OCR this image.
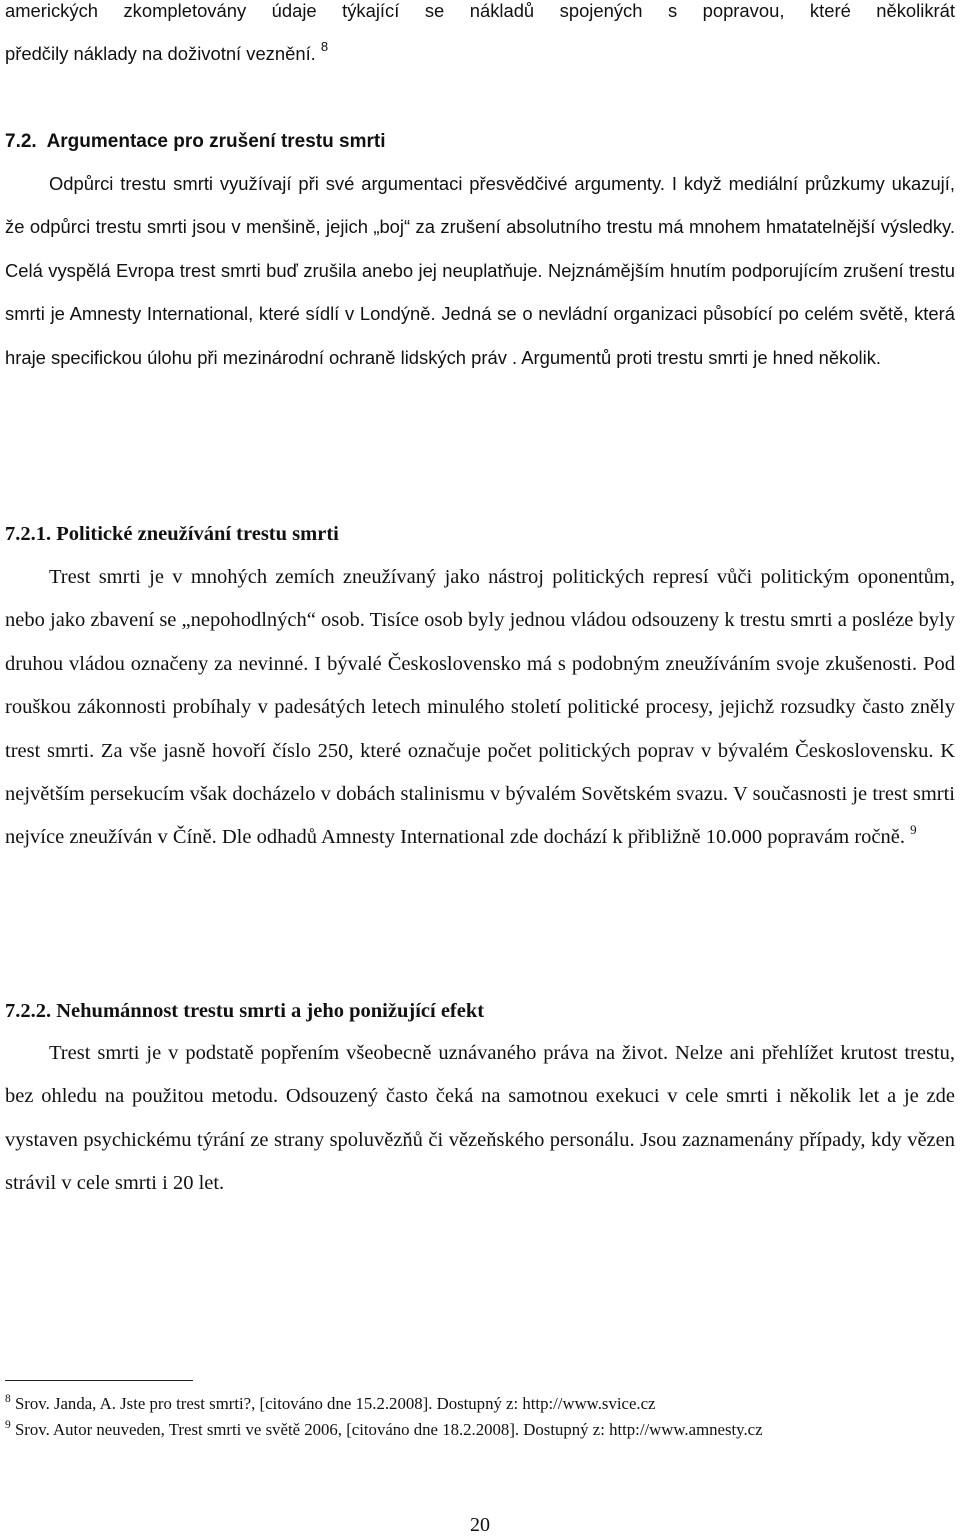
amerických zkompletovány údaje týkající se nákladů spojených s popravou, které několikrát

předčily náklady na doživotní veznění. $^8$

7.2. Argumentace pro zrušení trestu smrti

Odpůrci trestu smrti využívají při své argumentaci přesvědčivé argumenty. I když mediální průzkumy ukazují, že odpůrci trestu smrti jsou v menšině, jejich „boj“ za zrušení absolutního trestu má mnohem hmatatelnější výsledky. Celá vyspělá Evropa trest smrti buď zrušila anebo jej neuplatňuje. Nejznámějším hnutím podporujícím zrušení trestu smrti je Amnesty International, které sídlí v Londýně. Jedná se o nevládní organizaci působící po celém světě, která hraje specifickou úlohu při mezinárodní ochraně lidských práv . Argumentů proti trestu smrti je hned několik.

7.2.1. Politické zneužívání trestu smrti

Trest smrti je v mnohých zemích zneužívaný jako nástroj politických represí vůči politickým oponentům, nebo jako zbavení se „nepohodlných“ osob. Tisíce osob byly jednou vládou odsouzeny k trestu smrti a posléze byly druhou vládou označeny za nevinné. I bývalé Československo má s podobným zneužíváním svoje zkušenosti. Pod rouškou zákonnosti probíhaly v padesátých letech minulého století politické procesy, jejichž rozsudky často zněly trest smrti. Za vše jasně hovoří číslo 250, které označuje počet politických poprav v bývalém Československu. K největším persekucím však docházelo v dobách stalinismu v bývalém Sovětském svazu. V současnosti je trest smrti nejvíce zneužíván v Číně. Dle odhadů Amnesty International zde dochází k přibližně 10.000 popravám ročně. $^9$

7.2.2. Nehumánnost trestu smrti a jeho ponižující efekt

Trest smrti je v podstatě popřením všeobecně uznávaného práva na život. Nelze ani přehlížet krutost trestu, bez ohledu na použitou metodu. Odsouzený často čeká na samotnou exekuci v cele smrti i několik let a je zde vystaven psychickému týrání ze strany spoluvězňů či vězeňského personálu. Jsou zaznamenány případy, kdy vězen strávil v cele smrti i 20 let.

$^8$ Srov. Janda, A. Jste pro trest smrti?, [citováno dne 15.2.2008]. Dostupný z: http://www.svice.cz

$^9$ Srov. Autor neuveden, Trest smrti ve světě 2006, [citováno dne 18.2.2008]. Dostupný z: http://www.amnesty.cz

20
